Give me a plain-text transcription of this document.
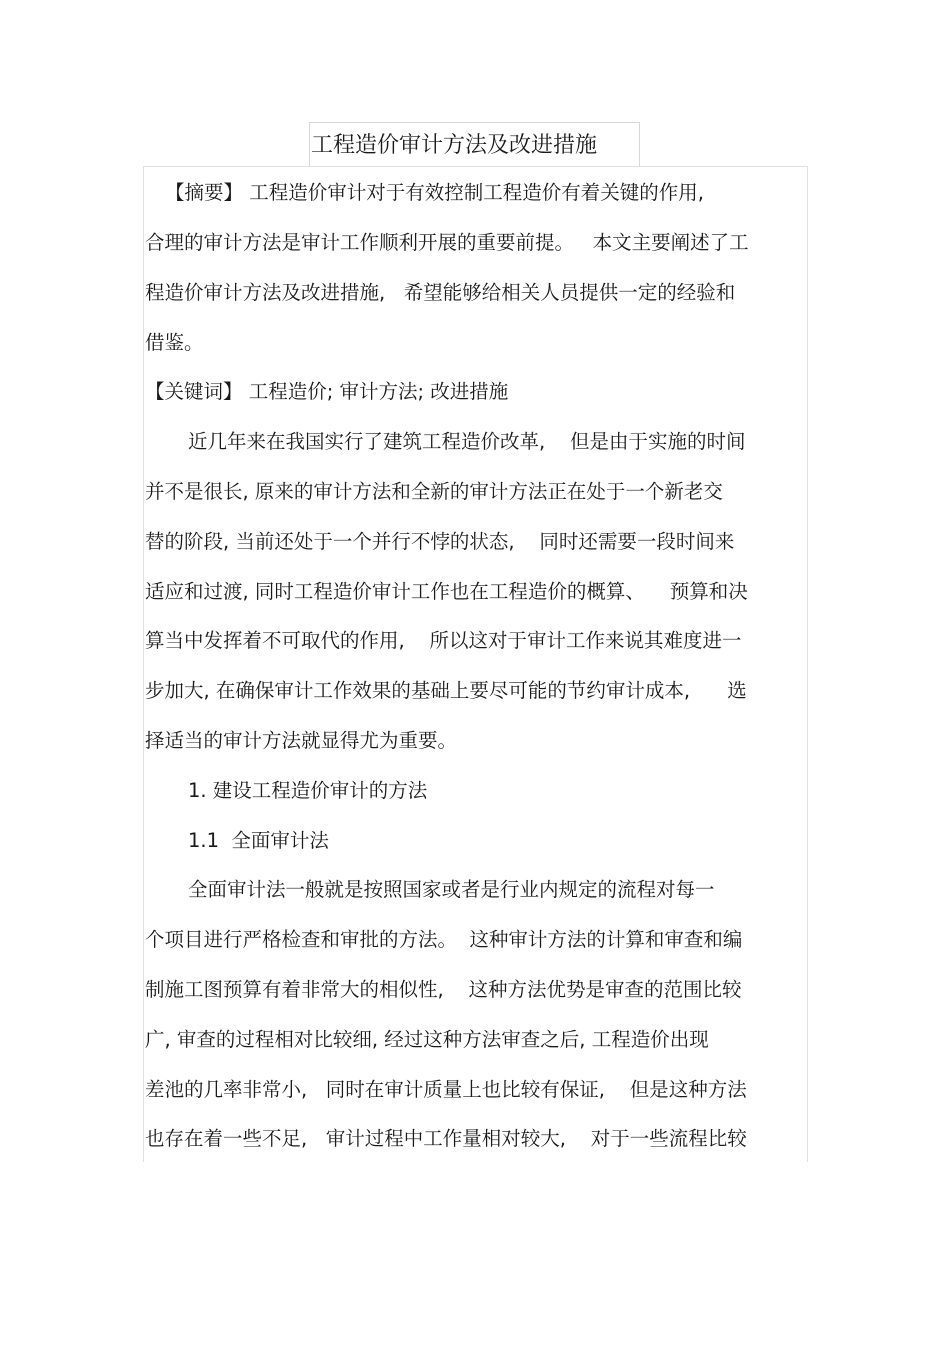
工程造价审计方法及改进措施
【摘要】 工程造价审计对于有效控制工程造价有着关键的作用,
合理的审计方法是审计工作顺利开展的重要前提。   本文主要阐述了工
程造价审计方法及改进措施,   希望能够给相关人员提供一定的经验和
借鉴。
【关键词】 工程造价; 审计方法; 改进措施
近几年来在我国实行了建筑工程造价改革,    但是由于实施的时间
并不是很长, 原来的审计方法和全新的审计方法正在处于一个新老交
替的阶段, 当前还处于一个并行不悖的状态,    同时还需要一段时间来
适应和过渡, 同时工程造价审计工作也在工程造价的概算、    预算和决
算当中发挥着不可取代的作用,    所以这对于审计工作来说其难度进一
步加大, 在确保审计工作效果的基础上要尽可能的节约审计成本,      选
择适当的审计方法就显得尤为重要。
1. 建设工程造价审计的方法
1.1  全面审计法
全面审计法一般就是按照国家或者是行业内规定的流程对每一
个项目进行严格检查和审批的方法。  这种审计方法的计算和审查和编
制施工图预算有着非常大的相似性,    这种方法优势是审查的范围比较
广, 审查的过程相对比较细, 经过这种方法审查之后, 工程造价出现
差池的几率非常小,   同时在审计质量上也比较有保证,    但是这种方法
也存在着一些不足,   审计过程中工作量相对较大,    对于一些流程比较
